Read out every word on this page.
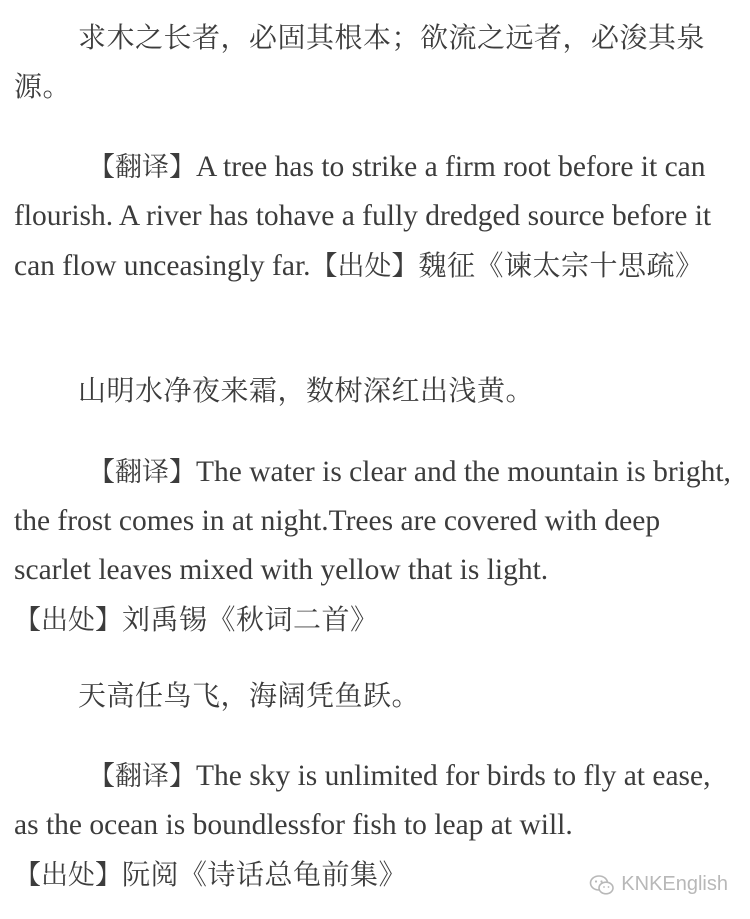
求木之长者，必固其根本；欲流之远者，必浚其泉源。

【翻译】A tree has to strike a firm root before it can flourish. A river has tohave a fully dredged source before it can flow unceasingly far.【出处】魏征《谏太宗十思疏》

山明水净夜来霜，数树深红出浅黄。

【翻译】The water is clear and the mountain is bright, the frost comes in at night.Trees are covered with deep scarlet leaves mixed with yellow that is light.
【出处】刘禹锡《秋词二首》

天高任鸟飞，海阔凭鱼跃。

【翻译】The sky is unlimited for birds to fly at ease, as the ocean is boundlessfor fish to leap at will.
【出处】阮阅《诗话总龟前集》	KNKEnglish
